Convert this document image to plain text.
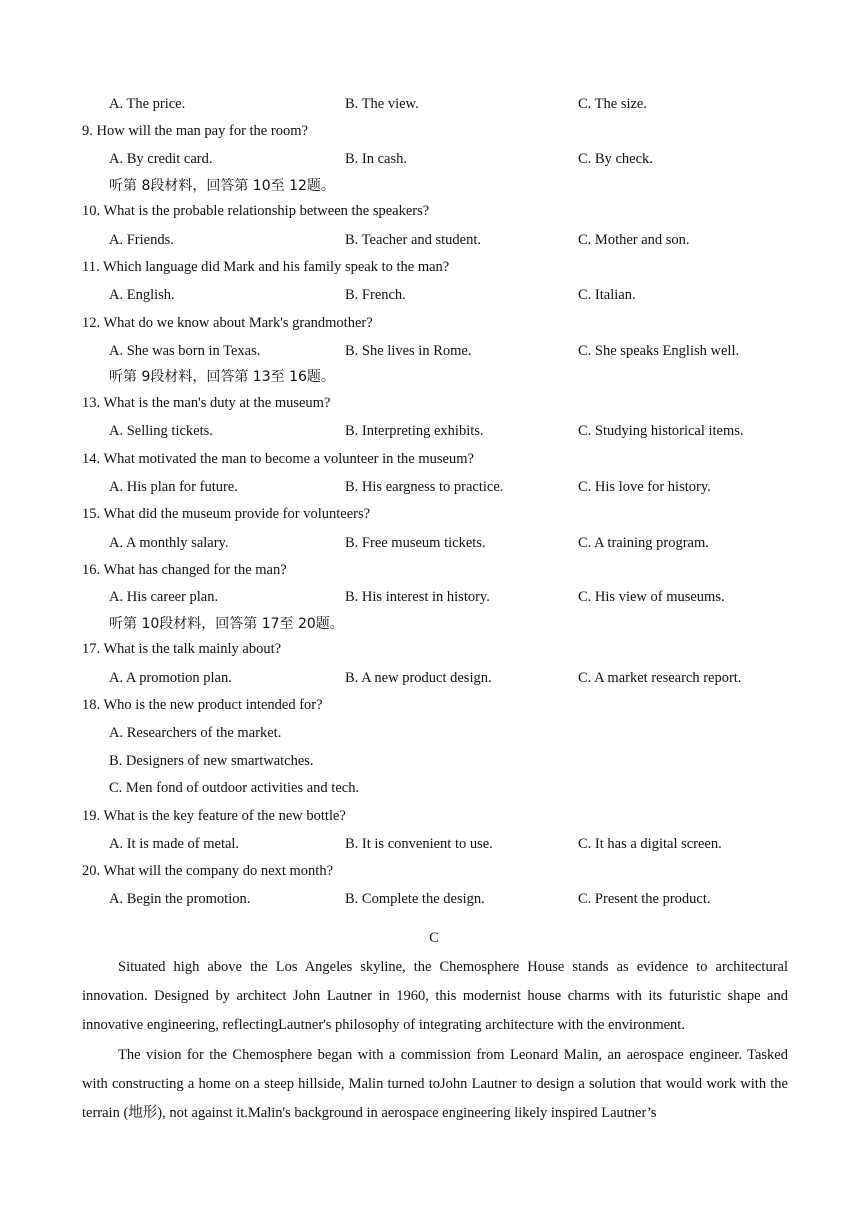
A. The price.	B. The view.	C. The size.
9. How will the man pay for the room?
A. By credit card.	B. In cash.	C. By check.
听第 8段材料，回答第 10至 12题。
10. What is the probable relationship between the speakers?
A. Friends.	B. Teacher and student.	C. Mother and son.
11. Which language did Mark and his family speak to the man?
A. English.	B. French.	C. Italian.
12. What do we know about Mark's grandmother?
A. She was born in Texas.	B. She lives in Rome.	C. She speaks English well.
听第 9段材料，回答第 13至 16题。
13. What is the man's duty at the museum?
A. Selling tickets.	B. Interpreting exhibits.	C. Studying historical items.
14. What motivated the man to become a volunteer in the museum?
A. His plan for future.	B. His eargness to practice.	C. His love for history.
15. What did the museum provide for volunteers?
A. A monthly salary.	B. Free museum tickets.	C. A training program.
16. What has changed for the man?
A. His career plan.	B. His interest in history.	C. His view of museums.
听第 10段材料，回答第 17至 20题。
17. What is the talk mainly about?
A. A promotion plan.	B. A new product design.	C. A market research report.
18. Who is the new product intended for?
A. Researchers of the market.
B. Designers of new smartwatches.
C. Men fond of outdoor activities and tech.
19. What is the key feature of the new bottle?
A. It is made of metal.	B. It is convenient to use.	C. It has a digital screen.
20. What will the company do next month?
A. Begin the promotion.	B. Complete the design.	C. Present the product.
C
Situated high above the Los Angeles skyline, the Chemosphere House stands as evidence to architectural innovation. Designed by architect John Lautner in 1960, this modernist house charms with its futuristic shape and innovative engineering, reflectingLautner's philosophy of integrating architecture with the environment.
The vision for the Chemosphere began with a commission from Leonard Malin, an aerospace engineer. Tasked with constructing a home on a steep hillside, Malin turned toJohn Lautner to design a solution that would work with the terrain (地形), not against it.Malin's background in aerospace engineering likely inspired Lautner’s
